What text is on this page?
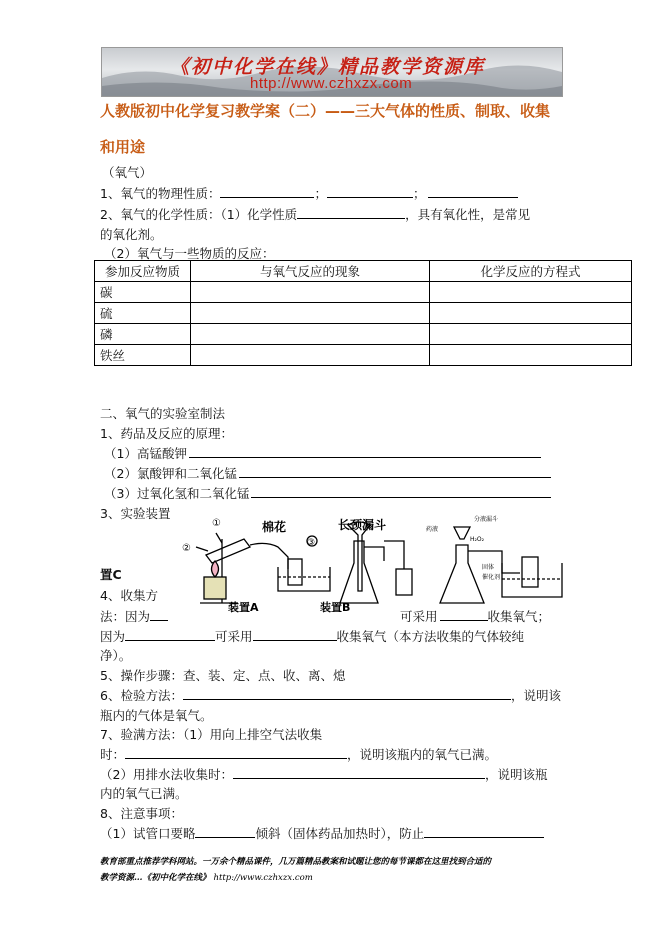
《初中化学在线》精品教学资源库
http://www.czhxzx.com
人教版初中化学复习教学案（二）——三大气体的性质、制取、收集
和用途
（氧气）
1、氧气的物理性质：	；	；
2、氧气的化学性质：（1）化学性质	，具有氧化性，是常见
的氧化剂。
（2）氧气与一些物质的反应：
参加反应物质	与氧气反应的现象	化学反应的方程式
碳		
硫		
磷		
铁丝		
二、氧气的实验室制法
1、药品及反应的原理：
（1）高锰酸钾
（2）氯酸钾和二氧化锰
（3）过氧化氢和二氧化锰
3、实验装置
①
②	③
棉花	长颈漏斗
装置A	装置B
药液
分液漏斗
H₂O₂
固体
催化剂
置C
4、收集方
法：因为	可采用	收集氧气；
因为	可采用	收集氧气（本方法收集的气体较纯
净）。
5、操作步骤：查、装、定、点、收、离、熄
6、检验方法：	，说明该
瓶内的气体是氧气。
7、验满方法：（1）用向上排空气法收集
时：	，说明该瓶内的氧气已满。
（2）用排水法收集时：	，说明该瓶
内的氧气已满。
8、注意事项：
（1）试管口要略	倾斜（固体药品加热时），防止
教育部重点推荐学科网站。一万余个精品课件，几万篇精品教案和试题让您的每节课都在这里找到合适的
教学资源…《初中化学在线》 http://www.czhxzx.com
